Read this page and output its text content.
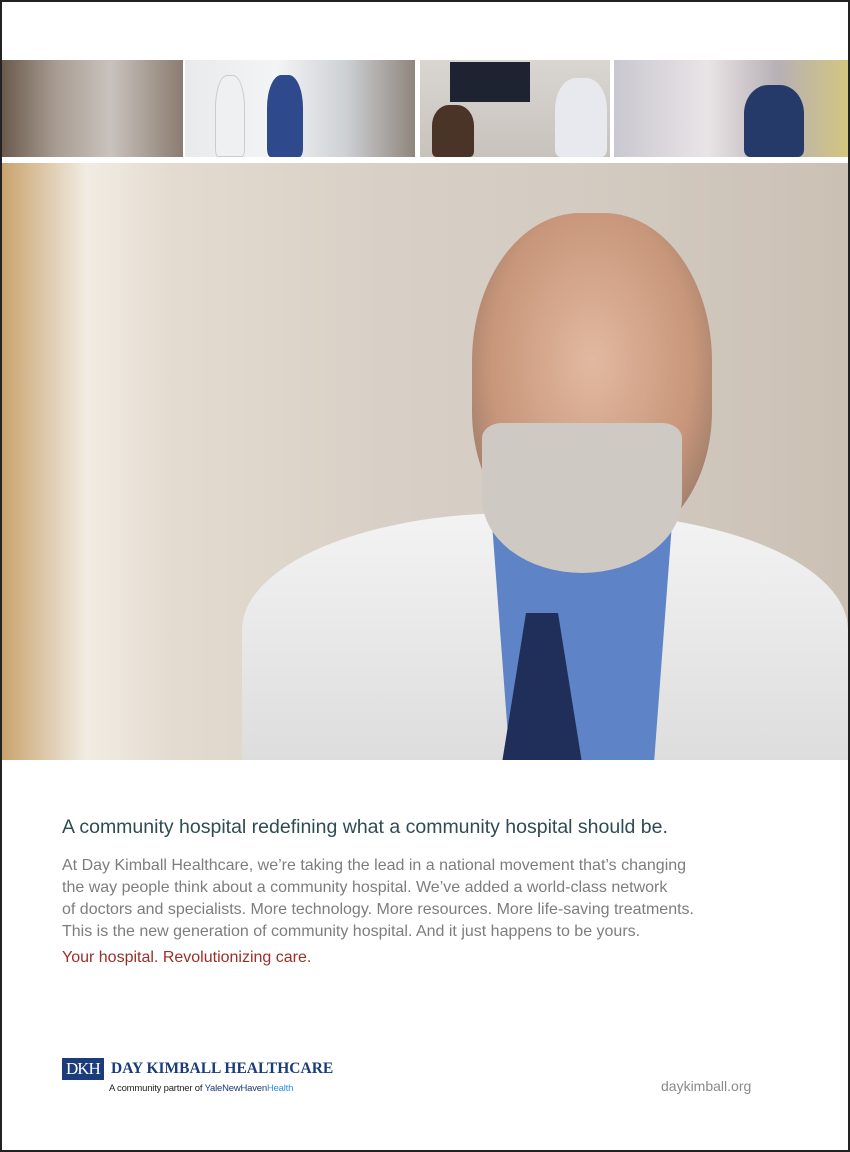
A community hospital redefining what a community hospital should be.

At Day Kimball Healthcare, we’re taking the lead in a national movement that’s changing

the way people think about a community hospital. We’ve added a world-class network

of doctors and specialists. More technology. More resources. More life-saving treatments.

This is the new generation of community hospital. And it just happens to be yours.

Your hospital. Revolutionizing care.
DKH DAY KIMBALL HEALTHCARE
A community partner of YaleNewHavenHealth	daykimball.org
